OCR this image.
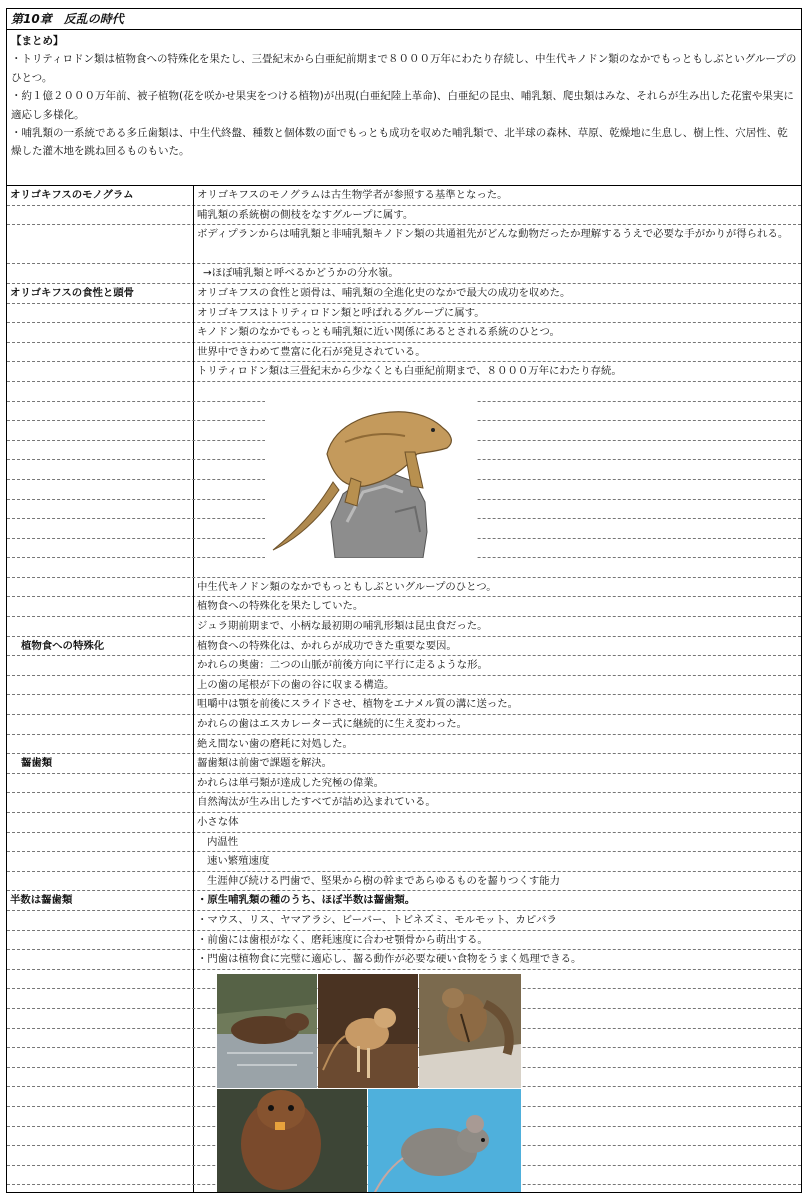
第10章　反乱の時代
【まとめ】
・トリティロドン類は植物食への特殊化を果たし、三畳紀末から白亜紀前期まで８０００万年にわたり存続し、中生代キノドン類のなかでもっともしぶといグループのひとつ。
・約１億２０００万年前、被子植物(花を咲かせ果実をつける植物)が出現(白亜紀陸上革命)、白亜紀の昆虫、哺乳類、爬虫類はみな、それらが生み出した花蜜や果実に適応し多様化。
・哺乳類の一系統である多丘歯類は、中生代終盤、種数と個体数の面でもっとも成功を収めた哺乳類で、北半球の森林、草原、乾燥地に生息し、樹上性、穴居性、乾燥した灌木地を跳ね回るものもいた。
オリゴキフスのモノグラム	オリゴキフスのモノグラムは古生物学者が参照する基準となった。
哺乳類の系統樹の側枝をなすグループに属す。
ボディプランからは哺乳類と非哺乳類キノドン類の共通祖先がどんな動物だったか理解するうえで必要な手がかりが得られる。
→ほぼ哺乳類と呼べるかどうかの分水嶺。
オリゴキフスの食性と頭骨	オリゴキフスの食性と頭骨は、哺乳類の全進化史のなかで最大の成功を収めた。
オリゴキフスはトリティロドン類と呼ばれるグループに属す。
キノドン類のなかでもっとも哺乳類に近い関係にあるとされる系統のひとつ。
世界中できわめて豊富に化石が発見されている。
トリティロドン類は三畳紀末から少なくとも白亜紀前期まで、８０００万年にわたり存続。
中生代キノドン類のなかでもっともしぶといグループのひとつ。
植物食への特殊化を果たしていた。
ジュラ期前期まで、小柄な最初期の哺乳形類は昆虫食だった。
植物食への特殊化	植物食への特殊化は、かれらが成功できた重要な要因。
かれらの奥歯：二つの山脈が前後方向に平行に走るような形。
上の歯の尾根が下の歯の谷に収まる構造。
咀嚼中は顎を前後にスライドさせ、植物をエナメル質の溝に送った。
かれらの歯はエスカレーター式に継続的に生え変わった。
絶え間ない歯の磨耗に対処した。
齧歯類	齧歯類は前歯で課題を解決。
かれらは単弓類が達成した究極の偉業。
自然淘汰が生み出したすべてが詰め込まれている。
小さな体
内温性
速い繁殖速度
生涯伸び続ける門歯で、堅果から樹の幹まであらゆるものを齧りつくす能力
半数は齧歯類	・原生哺乳類の種のうち、ほぼ半数は齧歯類。
・マウス、リス、ヤマアラシ、ビーバー、トビネズミ、モルモット、カピバラ
・前歯には歯根がなく、磨耗速度に合わせ顎骨から萌出する。
・門歯は植物食に完璧に適応し、齧る動作が必要な硬い食物をうまく処理できる。
